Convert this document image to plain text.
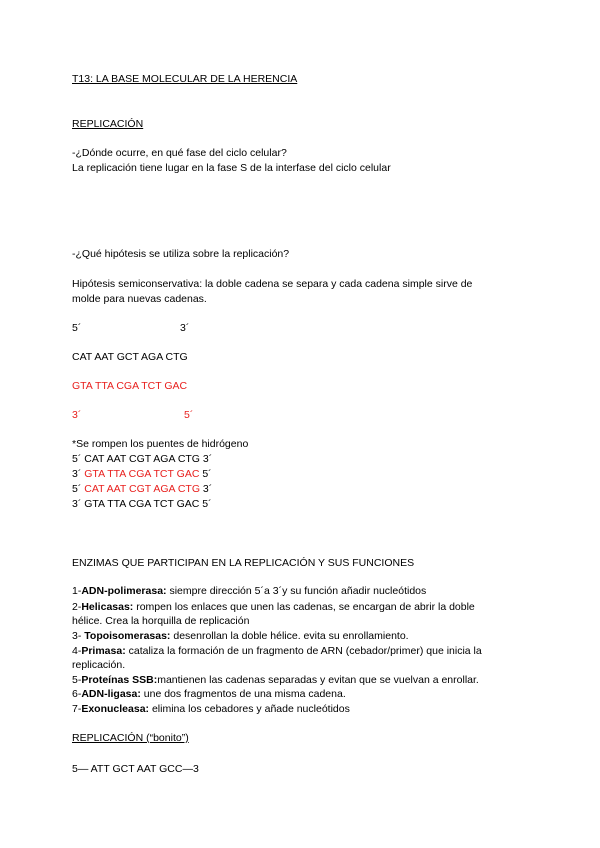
T13: LA BASE MOLECULAR DE LA HERENCIA
REPLICACIÓN
-¿Dónde ocurre, en qué fase del ciclo celular?
La replicación tiene lugar en la fase S de la interfase del ciclo celular
-¿Qué hipótesis se utiliza sobre la replicación?
Hipótesis semiconservativa: la doble cadena se separa y cada cadena simple sirve de
molde para nuevas cadenas.
5´	3´
CAT AAT GCT AGA CTG
GTA TTA CGA TCT GAC
3´	5´
*Se rompen los puentes de hidrógeno
5´ CAT AAT CGT AGA CTG 3´
3´ GTA TTA CGA TCT GAC 5´
5´ CAT AAT CGT AGA CTG 3´
3´ GTA TTA CGA TCT GAC 5´
ENZIMAS QUE PARTICIPAN EN LA REPLICACIÓN Y SUS FUNCIONES
1-ADN-polimerasa: siempre dirección 5´a 3´y su función añadir nucleótidos
2-Helicasas: rompen los enlaces que unen las cadenas, se encargan de abrir la doble
hélice. Crea la horquilla de replicación
3- Topoisomerasas: desenrollan la doble hélice. evita su enrollamiento.
4-Primasa: cataliza la formación de un fragmento de ARN (cebador/primer) que inicia la
replicación.
5-Proteínas SSB:mantienen las cadenas separadas y evitan que se vuelvan a enrollar.
6-ADN-ligasa: une dos fragmentos de una misma cadena.
7-Exonucleasa: elimina los cebadores y añade nucleótidos
REPLICACIÓN (“bonito”)
5— ATT GCT AAT GCC—3
